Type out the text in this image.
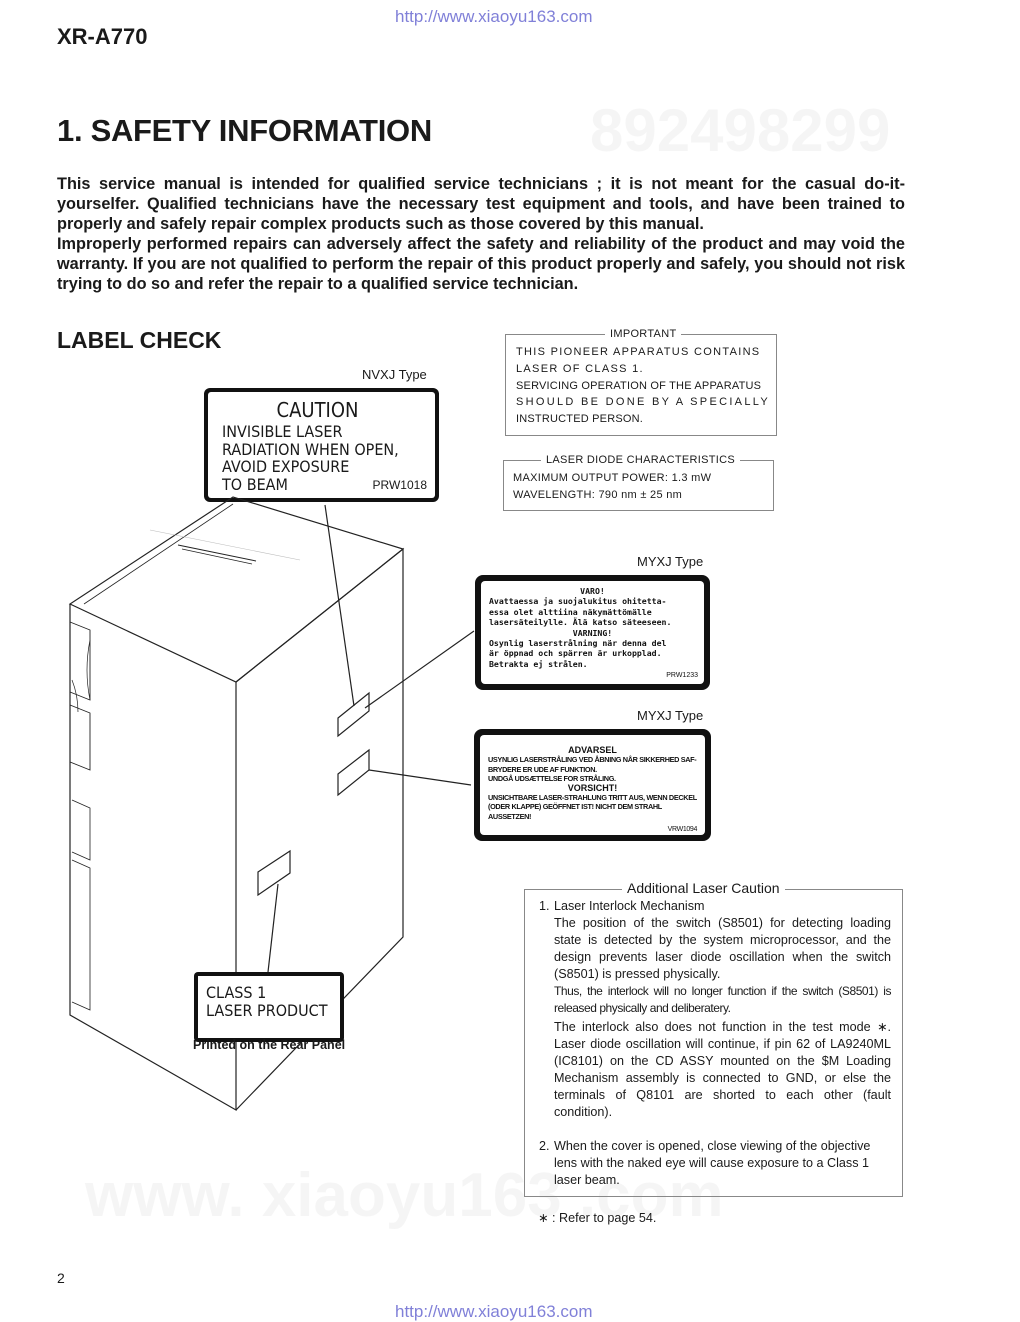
http://www.xiaoyu163.com
XR-A770
1. SAFETY INFORMATION

This service manual is intended for qualified service technicians ; it is not meant for the casual do-it-yourselfer. Qualified technicians have the necessary test equipment and tools, and have been trained to properly and safely repair complex products such as those covered by this manual.

Improperly performed repairs can adversely affect the safety and reliability of the product and may void the warranty. If you are not qualified to perform the repair of this product properly and safely, you should not risk trying to do so and refer the repair to a qualified service technician.

LABEL CHECK	IMPORTANT
THIS PIONEER APPARATUS CONTAINS
LASER OF CLASS 1.
SERVICING OPERATION OF THE APPARATUS
SHOULD BE DONE BY A SPECIALLY
INSTRUCTED PERSON.
LASER DIODE CHARACTERISTICS
MAXIMUM OUTPUT POWER: 1.3 mW
WAVELENGTH: 790 nm ± 25 nm
NVXJ Type
CAUTION
INVISIBLE LASER
RADIATION WHEN OPEN,
AVOID EXPOSURE
TO BEAM	PRW1018
MYXJ Type
VARO!
Avattaessa ja suojalukitus ohitetta-
essa olet alttiina näkymättömälle
lasersäteilylle. Älä katso säteeseen.
VARNING!
Osynlig laserstrålning när denna del
är öppnad och spärren är urkopplad.
Betrakta ej strålen.
PRW1233
MYXJ Type
ADVARSEL
USYNLIG LASERSTRÅLING VED ÅBNING NÅR SIKKERHED SAF-
BRYDERE ER UDE AF FUNKTION.
UNDGÅ UDSÆTTELSE FOR STRÅLING.
VORSICHT!
UNSICHTBARE LASER-STRAHLUNG TRITT AUS, WENN DECKEL
(ODER KLAPPE) GEÖFFNET IST! NICHT DEM STRAHL AUSSETZEN!
VRW1094
CLASS 1
LASER PRODUCT
Printed on the Rear Panel
Additional Laser Caution
1. Laser Interlock Mechanism

The position of the switch (S8501) for detecting loading state is detected by the system microprocessor, and the design prevents laser diode oscillation when the switch (S8501) is pressed physically.

Thus, the interlock will no longer function if the switch (S8501) is released physically and deliberatery.

The interlock also does not function in the test mode ∗. Laser diode oscillation will continue, if pin 62 of LA9240ML (IC8101) on the CD ASSY mounted on the $M Loading Mechanism assembly is connected to GND, or else the terminals of Q8101 are shorted to each other (fault condition).

2. When the cover is opened, close viewing of the objective lens with the naked eye will cause exposure to a Class 1 laser beam.

∗ : Refer to page 54.
2
http://www.xiaoyu163.com
